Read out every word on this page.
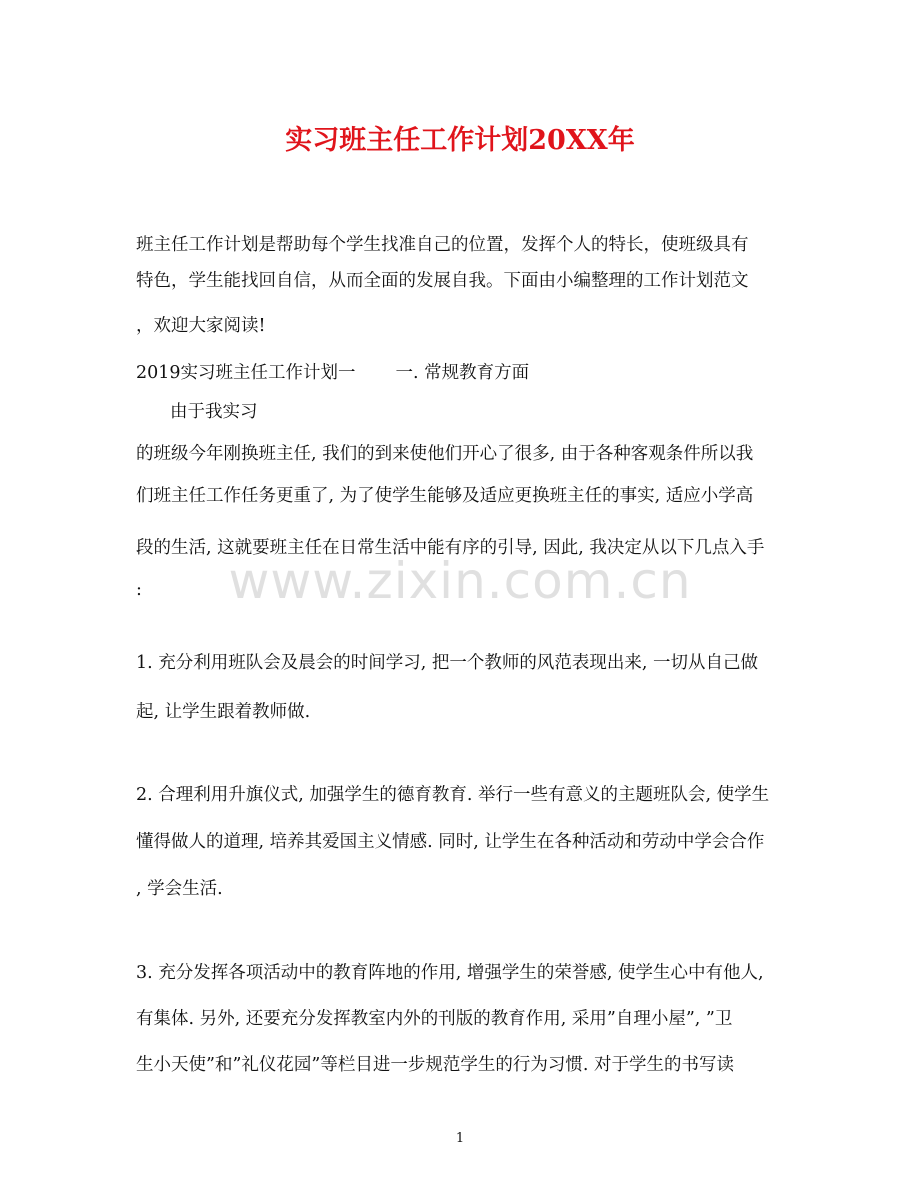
实习班主任工作计划20XX年
班主任工作计划是帮助每个学生找准自己的位置，发挥个人的特长，使班级具有
特色，学生能找回自信，从而全面的发展自我。下面由小编整理的工作计划范文
，欢迎大家阅读!
2019实习班主任工作计划一 一. 常规教育方面
由于我实习
的班级今年刚换班主任, 我们的到来使他们开心了很多, 由于各种客观条件所以我
们班主任工作任务更重了, 为了使学生能够及适应更换班主任的事实, 适应小学高
段的生活, 这就要班主任在日常生活中能有序的引导, 因此, 我决定从以下几点入手
:
1. 充分利用班队会及晨会的时间学习, 把一个教师的风范表现出来, 一切从自己做
起, 让学生跟着教师做.
2. 合理利用升旗仪式, 加强学生的德育教育. 举行一些有意义的主题班队会, 使学生
懂得做人的道理, 培养其爱国主义情感. 同时, 让学生在各种活动和劳动中学会合作
, 学会生活.
3. 充分发挥各项活动中的教育阵地的作用, 增强学生的荣誉感, 使学生心中有他人,
有集体. 另外, 还要充分发挥教室内外的刊版的教育作用, 采用”自理小屋”, ”卫
生小天使”和”礼仪花园”等栏目进一步规范学生的行为习惯. 对于学生的书写读
www.zixin.com.cn
1
